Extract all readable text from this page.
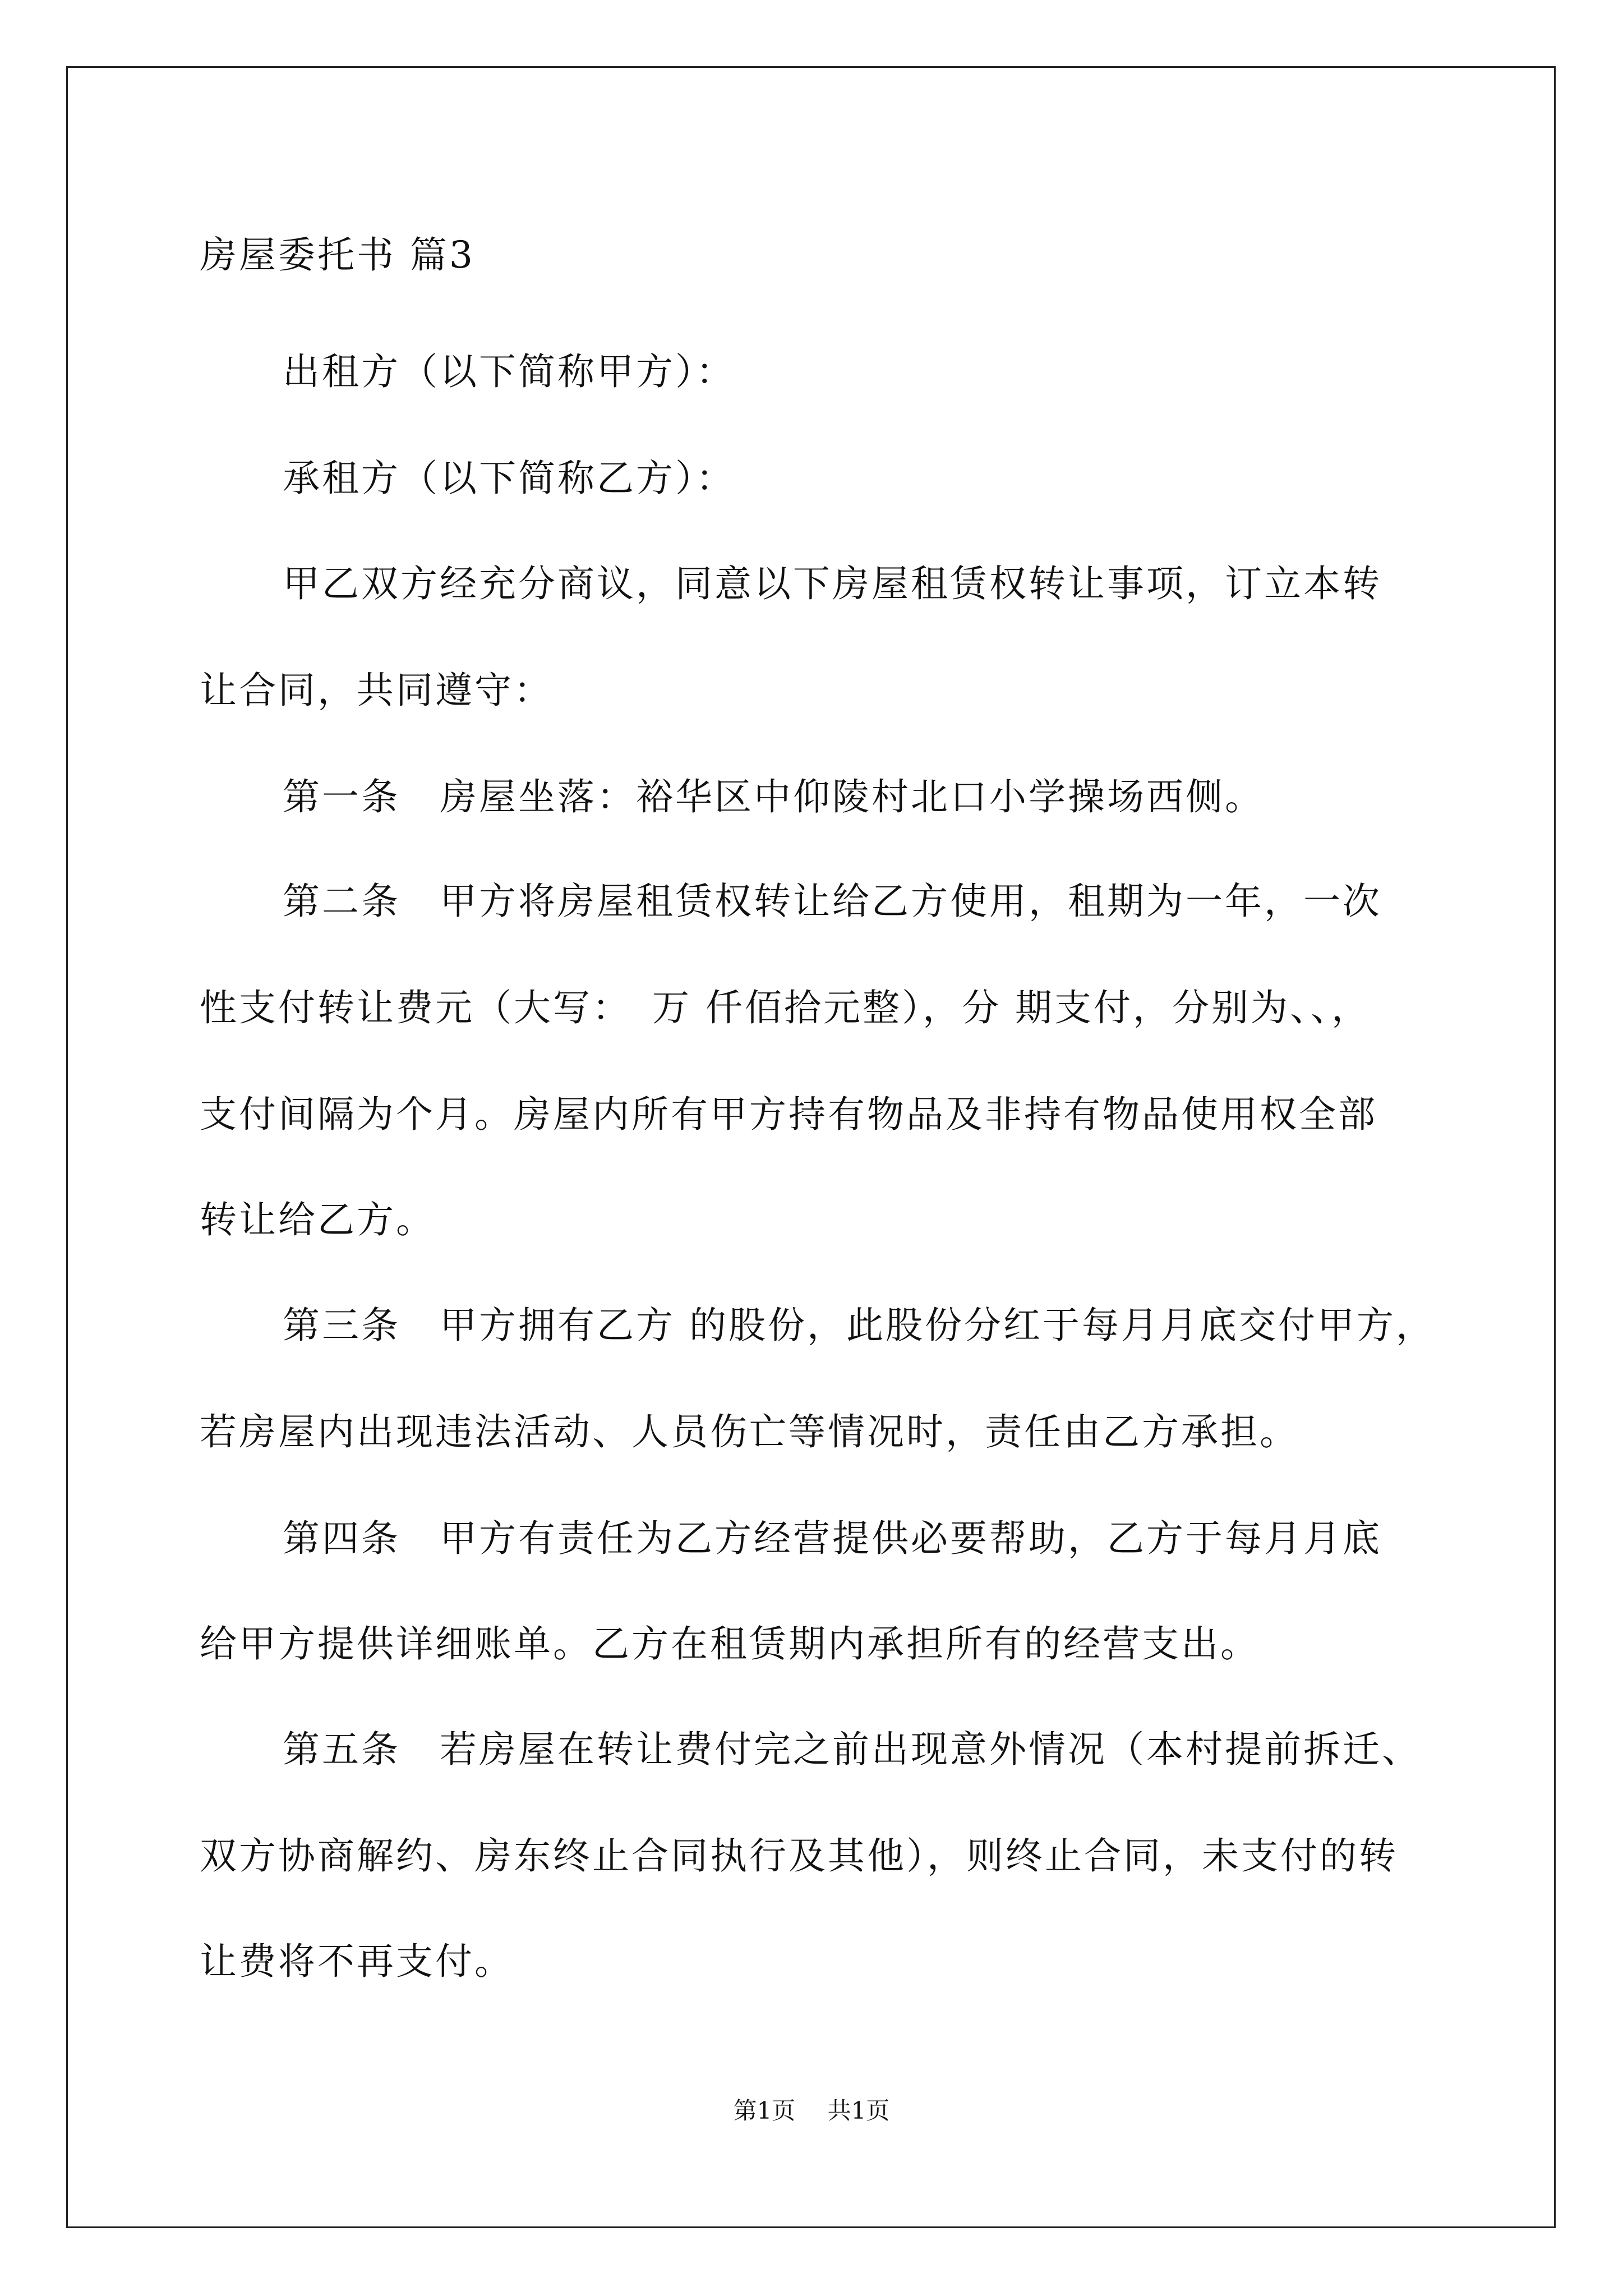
房屋委托书 篇3
出租方（以下简称甲方）：
承租方（以下简称乙方）：
甲乙双方经充分商议，同意以下房屋租赁权转让事项，订立本转
让合同，共同遵守：
第一条　房屋坐落：裕华区中仰陵村北口小学操场西侧。
第二条　甲方将房屋租赁权转让给乙方使用，租期为一年，一次
性支付转让费元（大写：　万 仟佰拾元整），分 期支付，分别为、、，
支付间隔为个月。房屋内所有甲方持有物品及非持有物品使用权全部
转让给乙方。
第三条　甲方拥有乙方 的股份，此股份分红于每月月底交付甲方，
若房屋内出现违法活动、人员伤亡等情况时，责任由乙方承担。
第四条　甲方有责任为乙方经营提供必要帮助，乙方于每月月底
给甲方提供详细账单。乙方在租赁期内承担所有的经营支出。
第五条　若房屋在转让费付完之前出现意外情况（本村提前拆迁、
双方协商解约、房东终止合同执行及其他），则终止合同，未支付的转
让费将不再支付。
第1页 共1页
